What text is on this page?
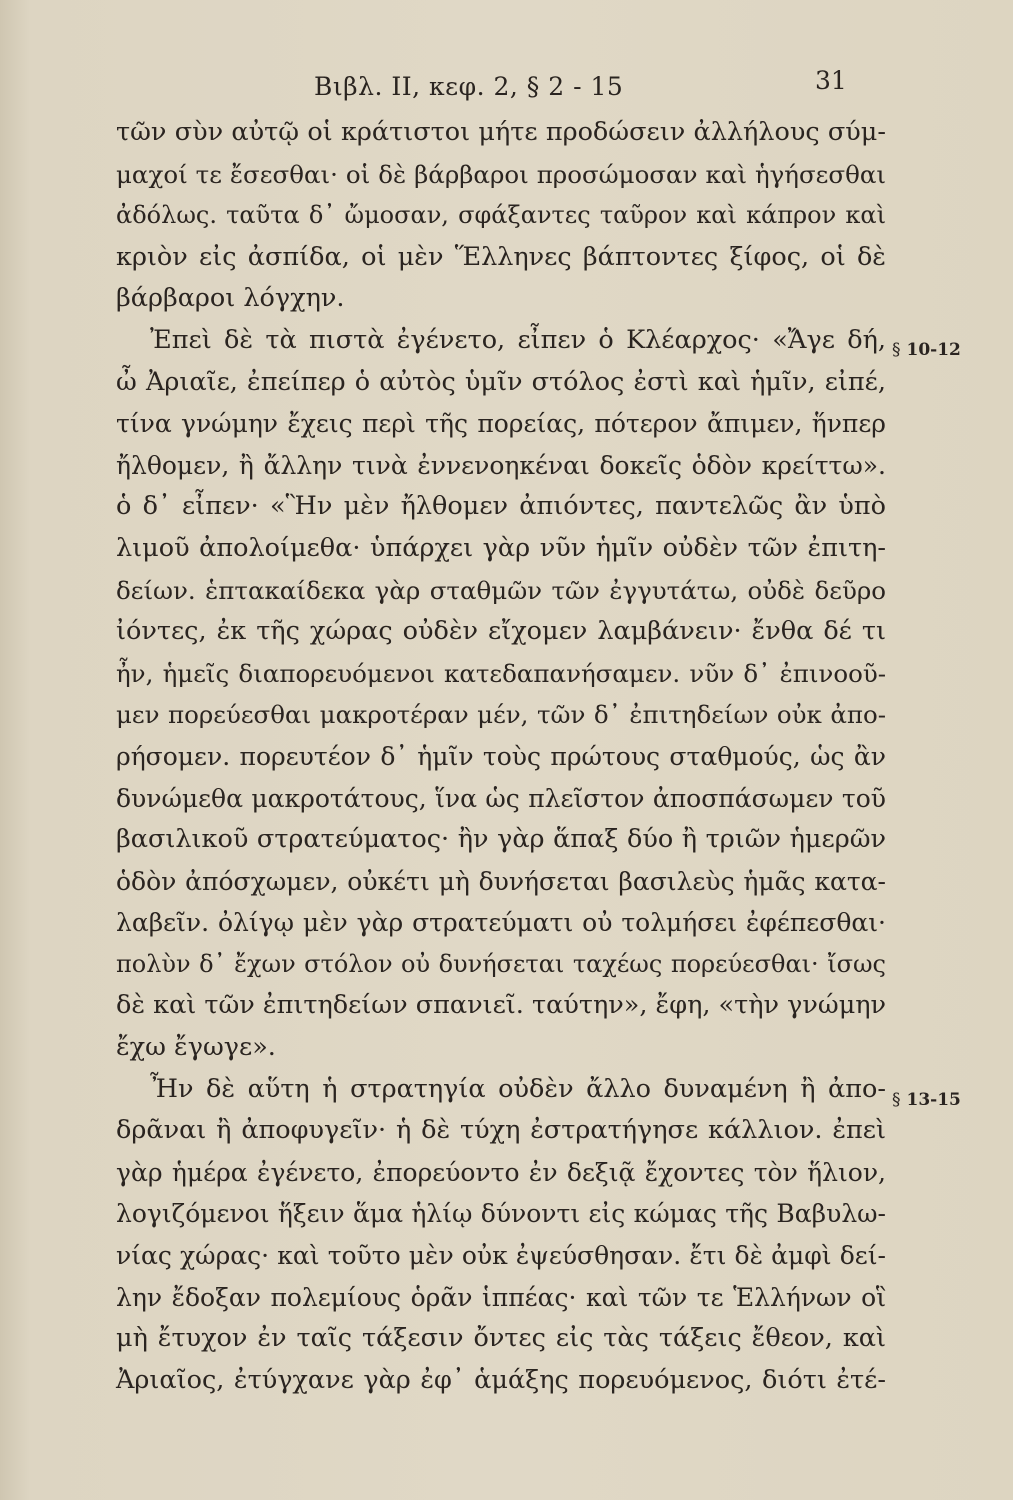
Βιβλ. II, κεφ. 2, § 2 - 15	31
§ 10-12
§ 13-15
τῶν σὺν αὐτῷ οἱ κράτιστοι μήτε προδώσειν ἀλλήλους σύμ-
μαχοί τε ἔσεσθαι· οἱ δὲ βάρβαροι προσώμοσαν καὶ ἡγήσεσθαι
ἀδόλως. ταῦτα δ᾽ ὤμοσαν, σφάξαντες ταῦρον καὶ κάπρον καὶ
κριὸν εἰς ἀσπίδα, οἱ μὲν Ἕλληνες βάπτοντες ξίφος, οἱ δὲ
βάρβαροι λόγχην.
Ἐπεὶ δὲ τὰ πιστὰ ἐγένετο, εἶπεν ὁ Κλέαρχος· «Ἄγε δή,
ὦ Ἀριαῖε, ἐπείπερ ὁ αὐτὸς ὑμῖν στόλος ἐστὶ καὶ ἡμῖν, εἰπέ,
τίνα γνώμην ἔχεις περὶ τῆς πορείας, πότερον ἄπιμεν, ἥνπερ
ἤλθομεν, ἢ ἄλλην τινὰ ἐννενοηκέναι δοκεῖς ὁδὸν κρείττω».
ὁ δ᾽ εἶπεν· «Ἣν μὲν ἤλθομεν ἀπιόντες, παντελῶς ἂν ὑπὸ
λιμοῦ ἀπολοίμεθα· ὑπάρχει γὰρ νῦν ἡμῖν οὐδὲν τῶν ἐπιτη-
δείων. ἑπτακαίδεκα γὰρ σταθμῶν τῶν ἐγγυτάτω, οὐδὲ δεῦρο
ἰόντες, ἐκ τῆς χώρας οὐδὲν εἴχομεν λαμβάνειν· ἔνθα δέ τι
ἦν, ἡμεῖς διαπορευόμενοι κατεδαπανήσαμεν. νῦν δ᾽ ἐπινοοῦ-
μεν πορεύεσθαι μακροτέραν μέν, τῶν δ᾽ ἐπιτηδείων οὐκ ἀπο-
ρήσομεν. πορευτέον δ᾽ ἡμῖν τοὺς πρώτους σταθμούς, ὡς ἂν
δυνώμεθα μακροτάτους, ἵνα ὡς πλεῖστον ἀποσπάσωμεν τοῦ
βασιλικοῦ στρατεύματος· ἢν γὰρ ἅπαξ δύο ἢ τριῶν ἡμερῶν
ὁδὸν ἀπόσχωμεν, οὐκέτι μὴ δυνήσεται βασιλεὺς ἡμᾶς κατα-
λαβεῖν. ὀλίγῳ μὲν γὰρ στρατεύματι οὐ τολμήσει ἐφέπεσθαι·
πολὺν δ᾽ ἔχων στόλον οὐ δυνήσεται ταχέως πορεύεσθαι· ἴσως
δὲ καὶ τῶν ἐπιτηδείων σπανιεῖ. ταύτην», ἔφη, «τὴν γνώμην
ἔχω ἔγωγε».
Ἦν δὲ αὕτη ἡ στρατηγία οὐδὲν ἄλλο δυναμένη ἢ ἀπο-
δρᾶναι ἢ ἀποφυγεῖν· ἡ δὲ τύχη ἐστρατήγησε κάλλιον. ἐπεὶ
γὰρ ἡμέρα ἐγένετο, ἐπορεύοντο ἐν δεξιᾷ ἔχοντες τὸν ἥλιον,
λογιζόμενοι ἥξειν ἅμα ἡλίῳ δύνοντι εἰς κώμας τῆς Βαβυλω-
νίας χώρας· καὶ τοῦτο μὲν οὐκ ἐψεύσθησαν. ἔτι δὲ ἀμφὶ δεί-
λην ἔδοξαν πολεμίους ὁρᾶν ἱππέας· καὶ τῶν τε Ἑλλήνων οἳ
μὴ ἔτυχον ἐν ταῖς τάξεσιν ὄντες εἰς τὰς τάξεις ἔθεον, καὶ
Ἀριαῖος, ἐτύγχανε γὰρ ἐφ᾽ ἁμάξης πορευόμενος, διότι ἐτέ-
